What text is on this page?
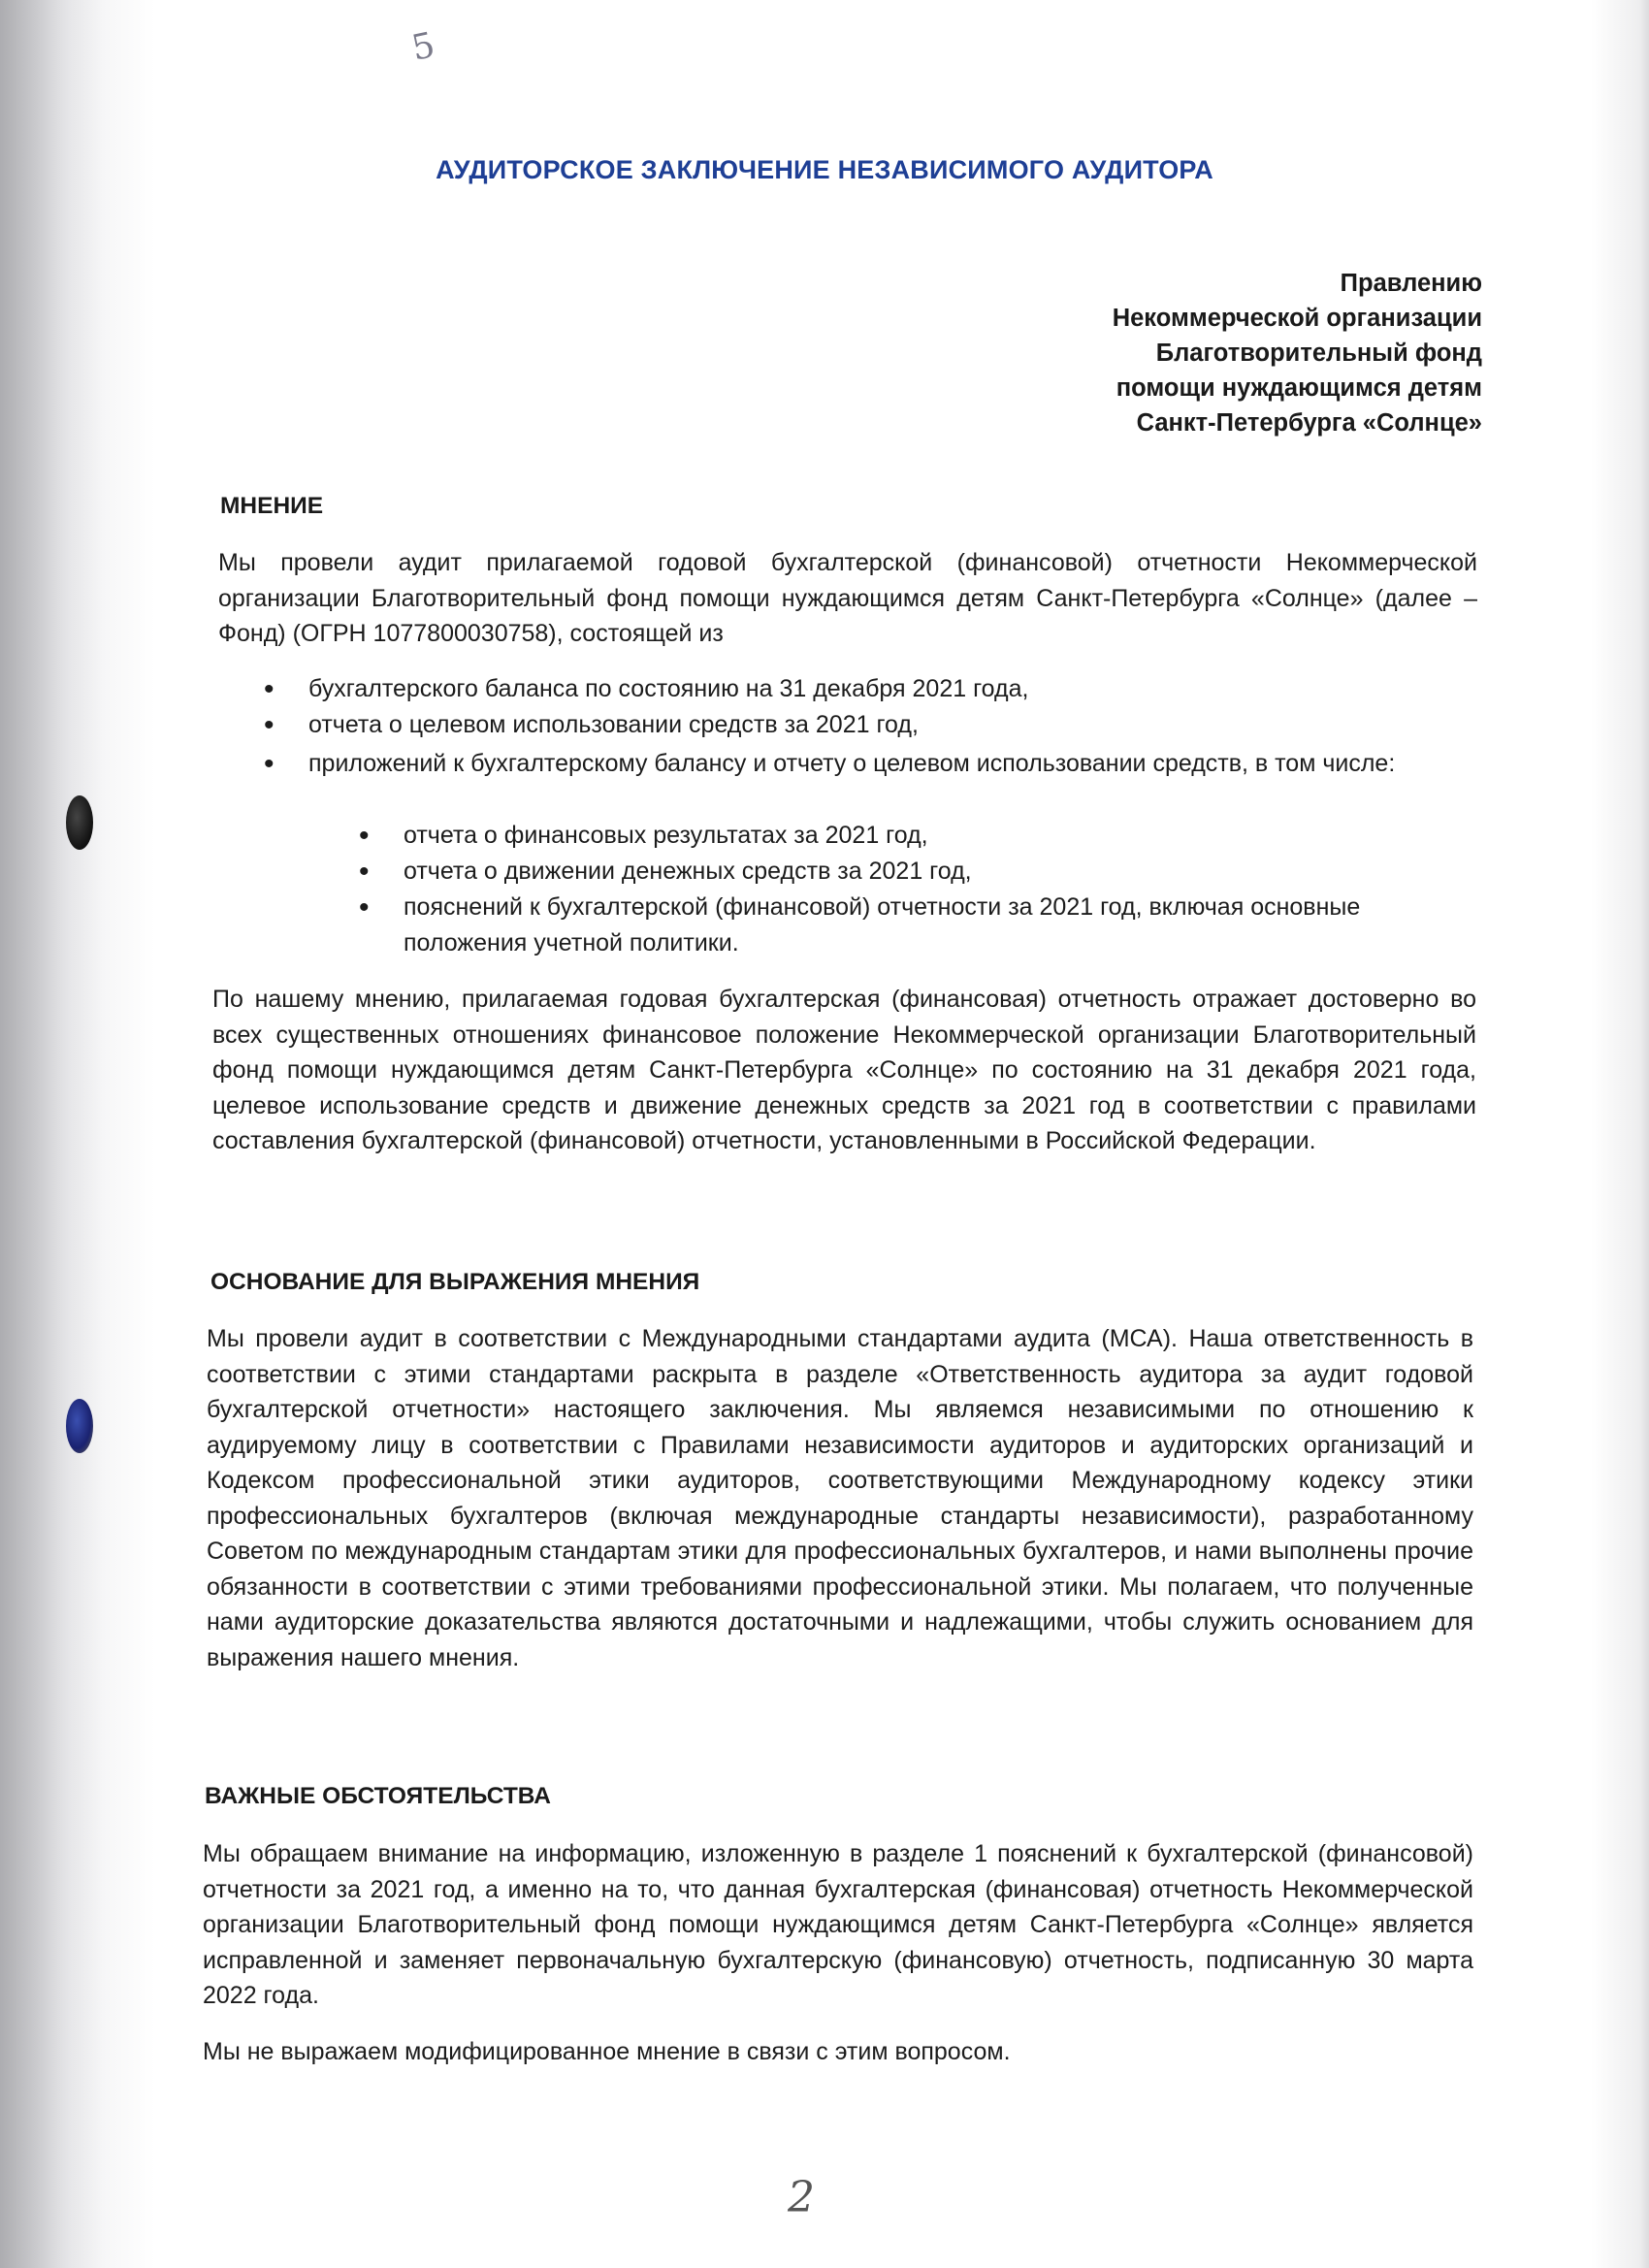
5
АУДИТОРСКОЕ ЗАКЛЮЧЕНИЕ НЕЗАВИСИМОГО АУДИТОРА
Правлению
Некоммерческой организации
Благотворительный фонд
помощи нуждающимся детям
Санкт-Петербурга «Солнце»
МНЕНИЕ
Мы провели аудит прилагаемой годовой бухгалтерской (финансовой) отчетности Некоммерческой организации Благотворительный фонд помощи нуждающимся детям Санкт-Петербурга «Солнце» (далее – Фонд) (ОГРН 1077800030758), состоящей из
• бухгалтерского баланса по состоянию на 31 декабря 2021 года,
• отчета о целевом использовании средств за 2021 год,
• приложений к бухгалтерскому балансу и отчету о целевом использовании средств, в том числе:
• отчета о финансовых результатах за 2021 год,
• отчета о движении денежных средств за 2021 год,
• пояснений к бухгалтерской (финансовой) отчетности за 2021 год, включая основные положения учетной политики.
По нашему мнению, прилагаемая годовая бухгалтерская (финансовая) отчетность отражает достоверно во всех существенных отношениях финансовое положение Некоммерческой организации Благотворительный фонд помощи нуждающимся детям Санкт-Петербурга «Солнце» по состоянию на 31 декабря 2021 года, целевое использование средств и движение денежных средств за 2021 год в соответствии с правилами составления бухгалтерской (финансовой) отчетности, установленными в Российской Федерации.
ОСНОВАНИЕ ДЛЯ ВЫРАЖЕНИЯ МНЕНИЯ
Мы провели аудит в соответствии с Международными стандартами аудита (МСА). Наша ответственность в соответствии с этими стандартами раскрыта в разделе «Ответственность аудитора за аудит годовой бухгалтерской отчетности» настоящего заключения. Мы являемся независимыми по отношению к аудируемому лицу в соответствии с Правилами независимости аудиторов и аудиторских организаций и Кодексом профессиональной этики аудиторов, соответствующими Международному кодексу этики профессиональных бухгалтеров (включая международные стандарты независимости), разработанному Советом по международным стандартам этики для профессиональных бухгалтеров, и нами выполнены прочие обязанности в соответствии с этими требованиями профессиональной этики. Мы полагаем, что полученные нами аудиторские доказательства являются достаточными и надлежащими, чтобы служить основанием для выражения нашего мнения.
ВАЖНЫЕ ОБСТОЯТЕЛЬСТВА
Мы обращаем внимание на информацию, изложенную в разделе 1 пояснений к бухгалтерской (финансовой) отчетности за 2021 год, а именно на то, что данная бухгалтерская (финансовая) отчетность Некоммерческой организации Благотворительный фонд помощи нуждающимся детям Санкт-Петербурга «Солнце» является исправленной и заменяет первоначальную бухгалтерскую (финансовую) отчетность, подписанную 30 марта 2022 года.
Мы не выражаем модифицированное мнение в связи с этим вопросом.
2
